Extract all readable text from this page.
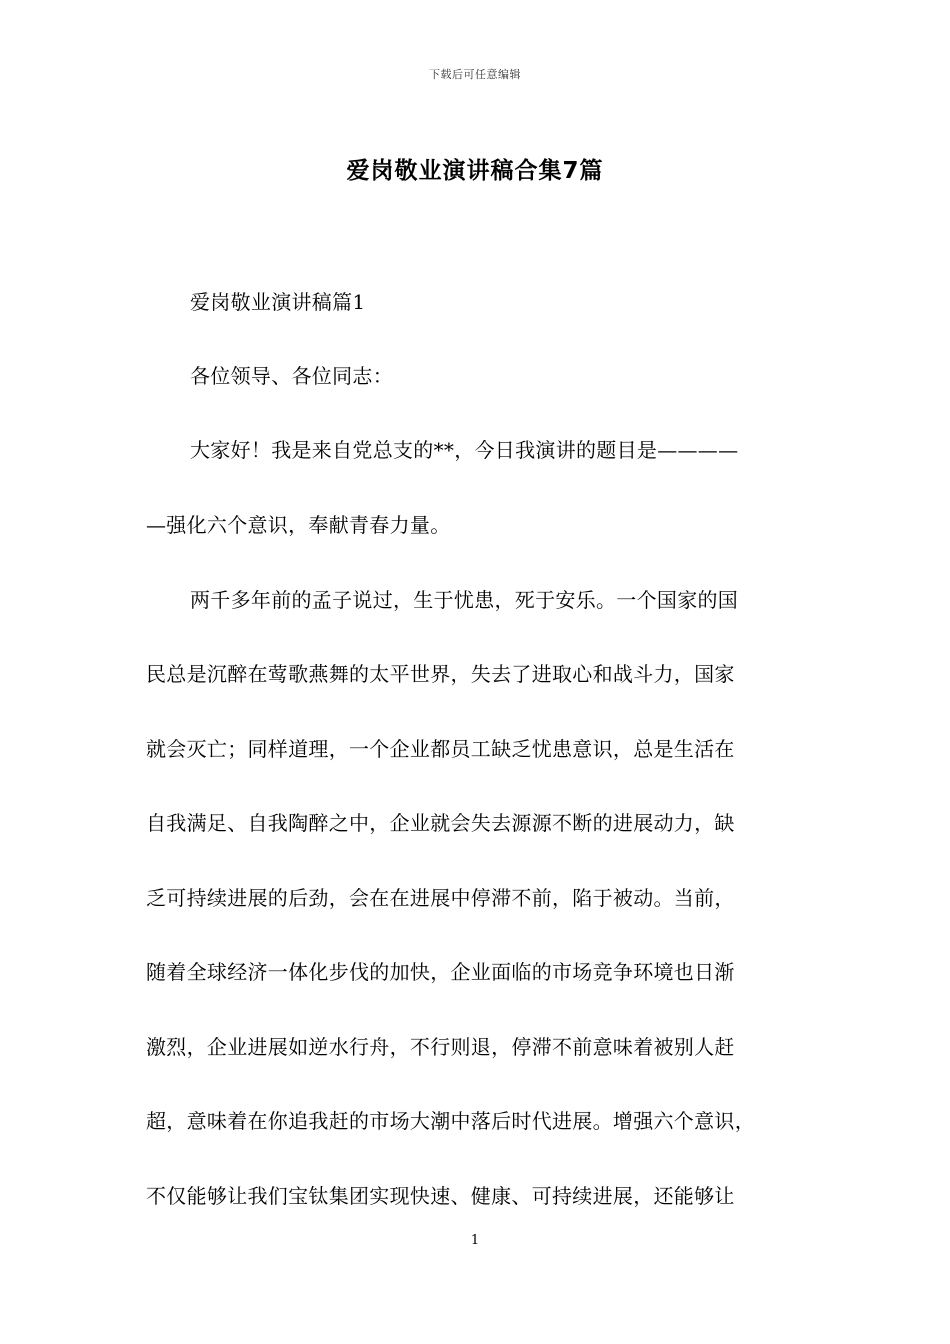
下载后可任意编辑
爱岗敬业演讲稿合集7篇
爱岗敬业演讲稿篇1
各位领导、各位同志：
大家好！我是来自党总支的**，今日我演讲的题目是————
—强化六个意识，奉献青春力量。
两千多年前的孟子说过，生于忧患，死于安乐。一个国家的国
民总是沉醉在莺歌燕舞的太平世界，失去了进取心和战斗力，国家
就会灭亡；同样道理，一个企业都员工缺乏忧患意识，总是生活在
自我满足、自我陶醉之中，企业就会失去源源不断的进展动力，缺
乏可持续进展的后劲，会在在进展中停滞不前，陷于被动。当前，
随着全球经济一体化步伐的加快，企业面临的市场竞争环境也日渐
激烈，企业进展如逆水行舟，不行则退，停滞不前意味着被别人赶
超，意味着在你追我赶的市场大潮中落后时代进展。增强六个意识，
不仅能够让我们宝钛集团实现快速、健康、可持续进展，还能够让
1
